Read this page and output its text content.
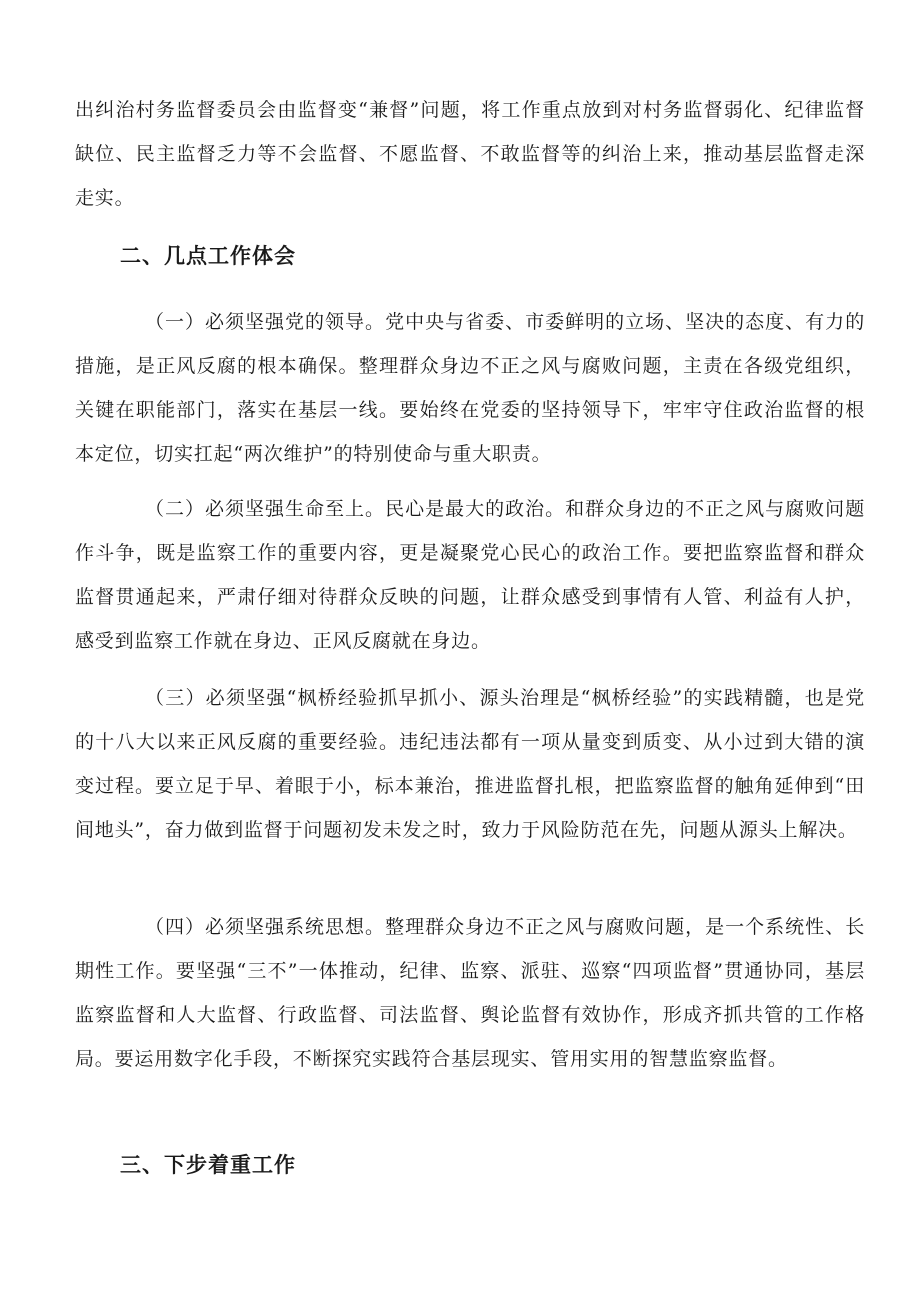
出纠治村务监督委员会由监督变“兼督”问题，将工作重点放到对村务监督弱化、纪律监督缺位、民主监督乏力等不会监督、不愿监督、不敢监督等的纠治上来，推动基层监督走深走实。

二、几点工作体会

（一）必须坚强党的领导。党中央与省委、市委鲜明的立场、坚决的态度、有力的措施，是正风反腐的根本确保。整理群众身边不正之风与腐败问题，主责在各级党组织，关键在职能部门，落实在基层一线。要始终在党委的坚持领导下，牢牢守住政治监督的根本定位，切实扛起“两次维护”的特别使命与重大职责。

（二）必须坚强生命至上。民心是最大的政治。和群众身边的不正之风与腐败问题作斗争，既是监察工作的重要内容，更是凝聚党心民心的政治工作。要把监察监督和群众监督贯通起来，严肃仔细对待群众反映的问题，让群众感受到事情有人管、利益有人护，感受到监察工作就在身边、正风反腐就在身边。

（三）必须坚强“枫桥经验抓早抓小、源头治理是“枫桥经验”的实践精髓，也是党的十八大以来正风反腐的重要经验。违纪违法都有一项从量变到质变、从小过到大错的演变过程。要立足于早、着眼于小，标本兼治，推进监督扎根，把监察监督的触角延伸到“田间地头”，奋力做到监督于问题初发未发之时，致力于风险防范在先，问题从源头上解决。

（四）必须坚强系统思想。整理群众身边不正之风与腐败问题，是一个系统性、长期性工作。要坚强“三不”一体推动，纪律、监察、派驻、巡察“四项监督”贯通协同，基层监察监督和人大监督、行政监督、司法监督、舆论监督有效协作，形成齐抓共管的工作格局。要运用数字化手段，不断探究实践符合基层现实、管用实用的智慧监察监督。

三、下步着重工作
